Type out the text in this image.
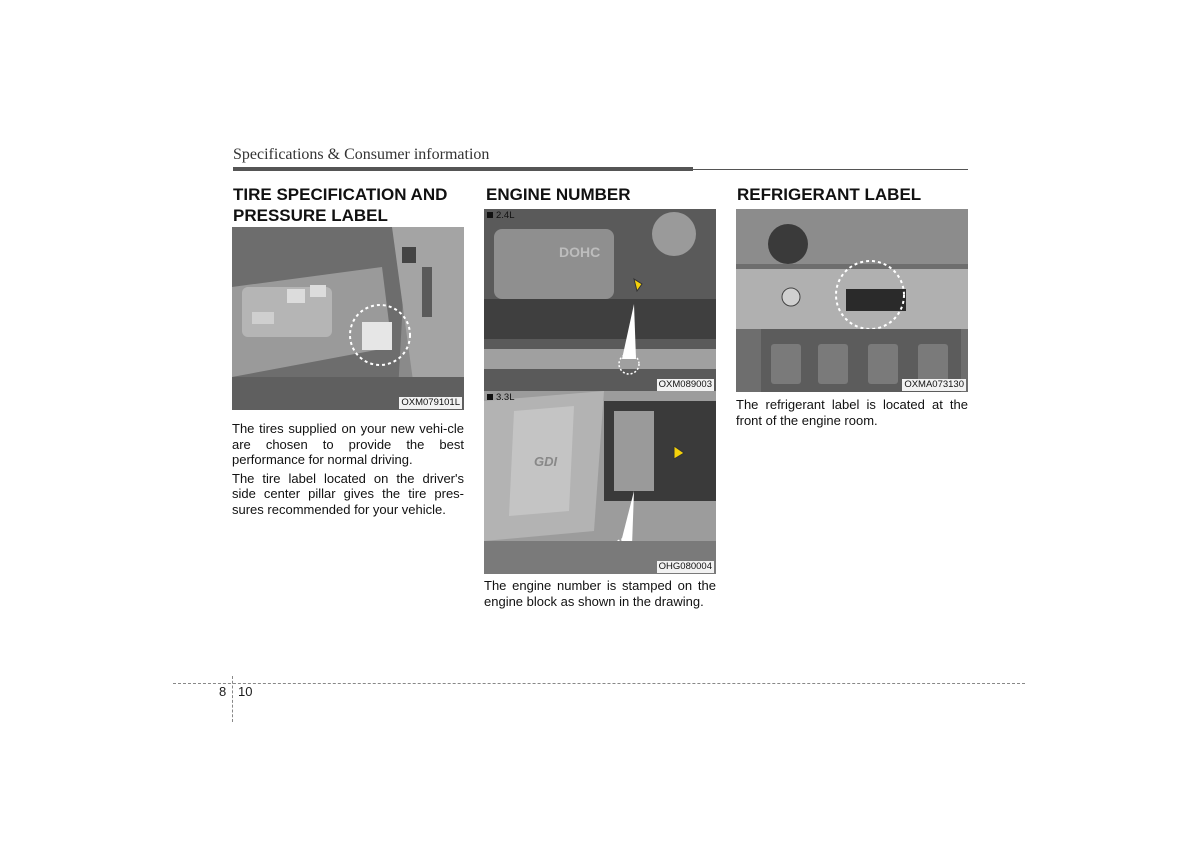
Specifications & Consumer information
TIRE SPECIFICATION AND
PRESSURE LABEL
OXM079101L

The tires supplied on your new vehi-cle are chosen to provide the best performance for normal driving.

The tire label located on the driver's side center pillar gives the tire pres-sures recommended for your vehicle.

ENGINE NUMBER
DOHC
2.4L
OXM089003
GDI
3.3L
OHG080004

The engine number is stamped on the engine block as shown in the drawing.

REFRIGERANT LABEL
OXMA073130

The refrigerant label is located at the front of the engine room.

8 10
